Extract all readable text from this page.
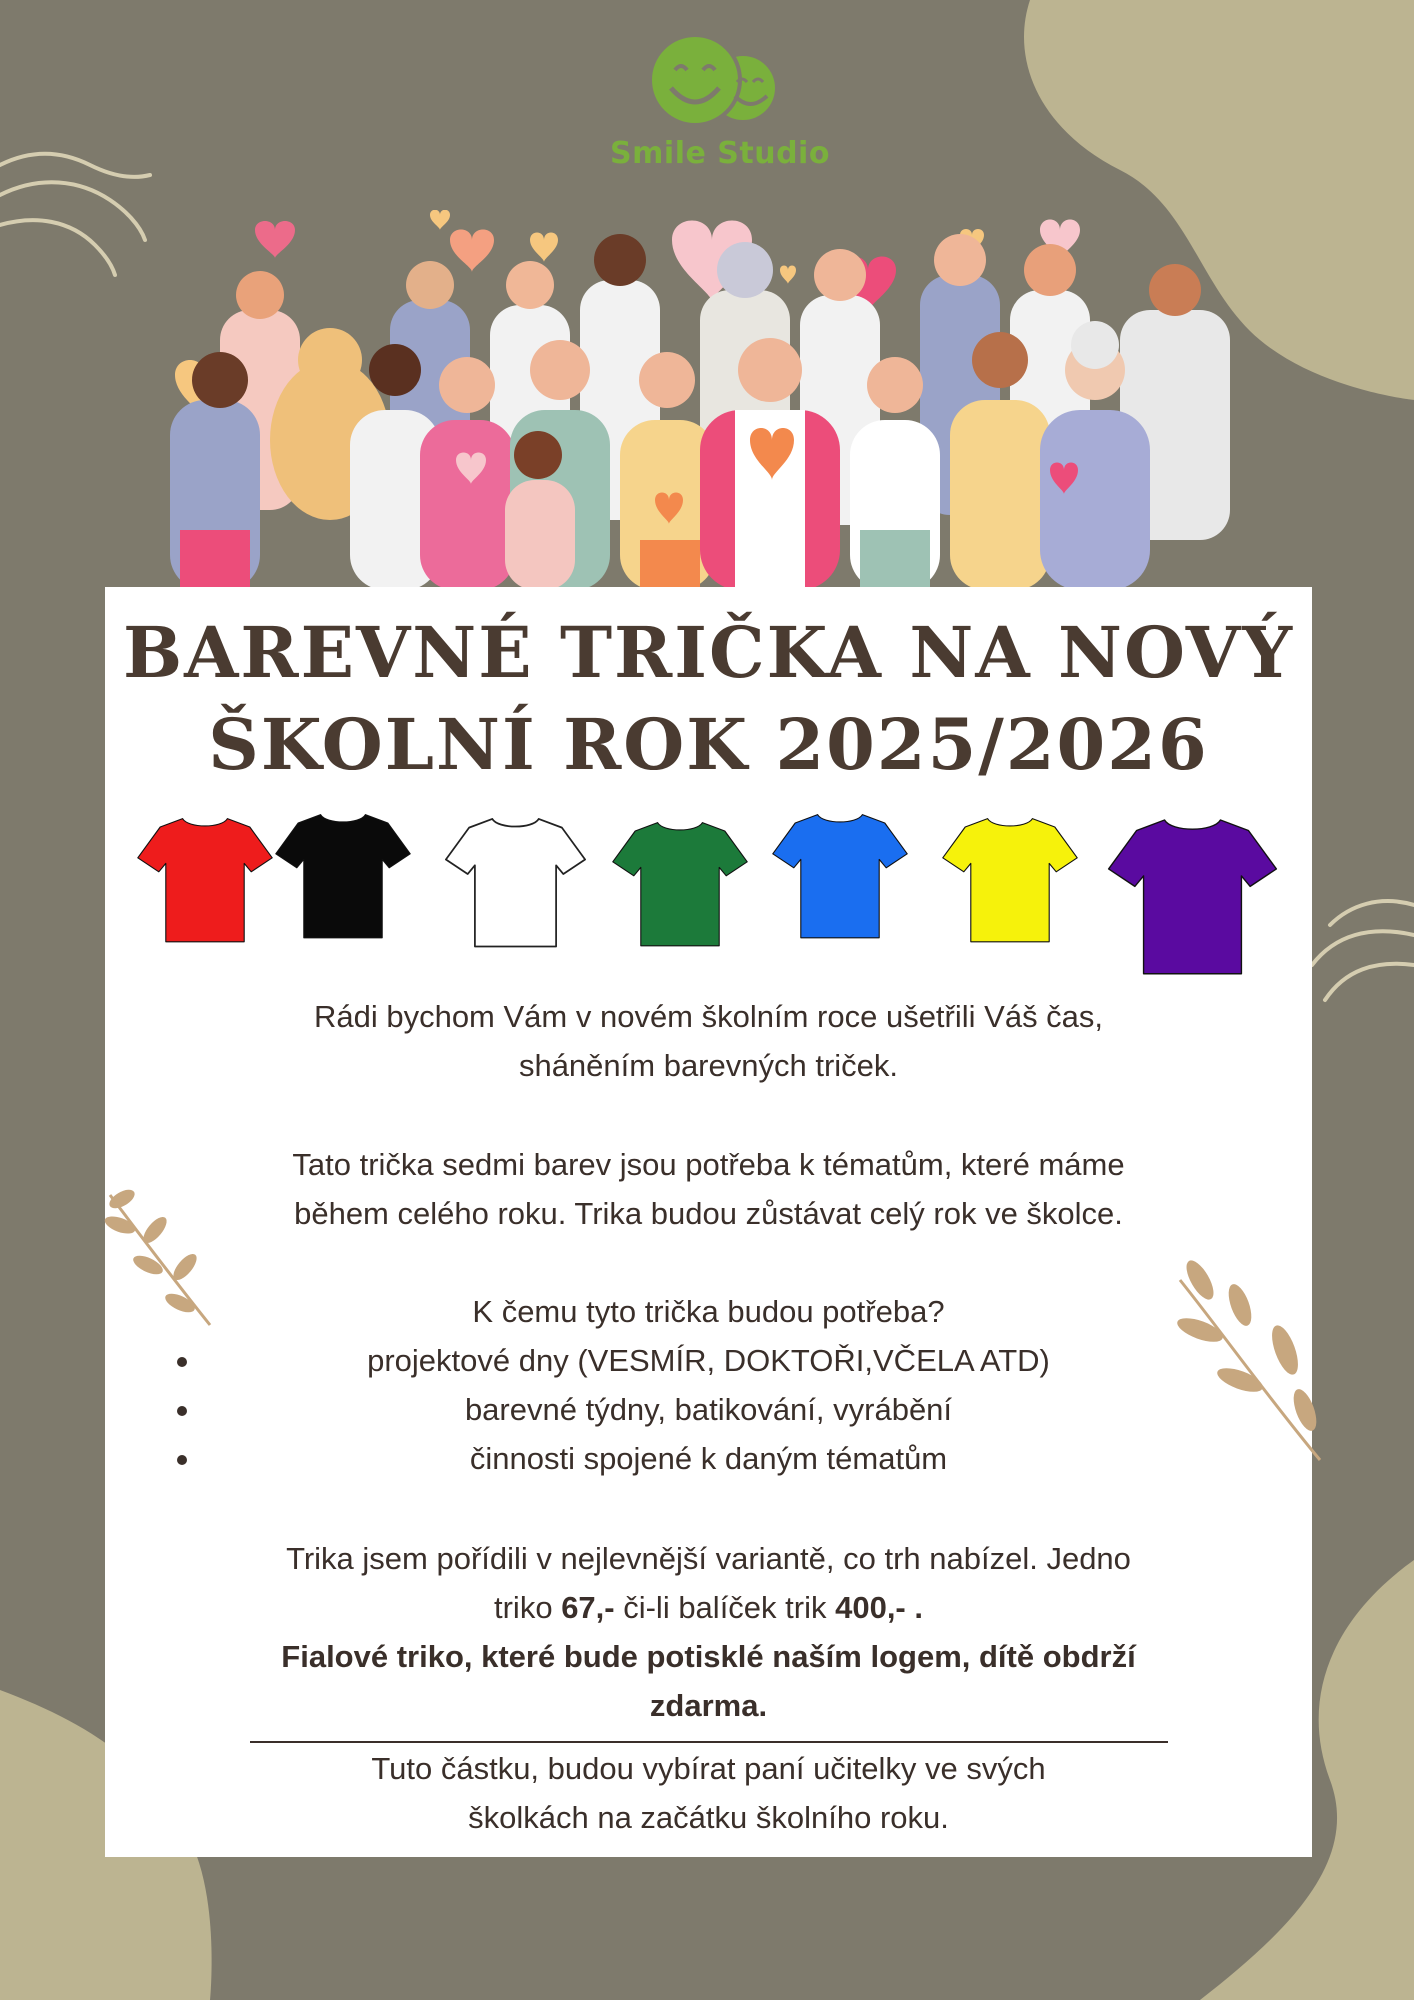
Smile Studio
BAREVNÉ TRIČKA NA NOVÝ
ŠKOLNÍ ROK 2025/2026
Rádi bychom Vám v novém školním roce ušetřili Váš čas,
sháněním barevných triček.
Tato trička sedmi barev jsou potřeba k tématům, které máme
během celého roku. Trika budou zůstávat celý rok ve školce.
K čemu tyto trička budou potřeba?
projektové dny (VESMÍR, DOKTOŘI,VČELA ATD)
barevné týdny, batikování, vyrábění
činnosti spojené k daným tématům
Trika jsem pořídili v nejlevnější variantě, co trh nabízel. Jedno
triko 67,- či-li balíček trik 400,- .
Fialové triko, které bude potisklé naším logem, dítě obdrží
zdarma.
Tuto částku, budou vybírat paní učitelky ve svých
školkách na začátku školního roku.
